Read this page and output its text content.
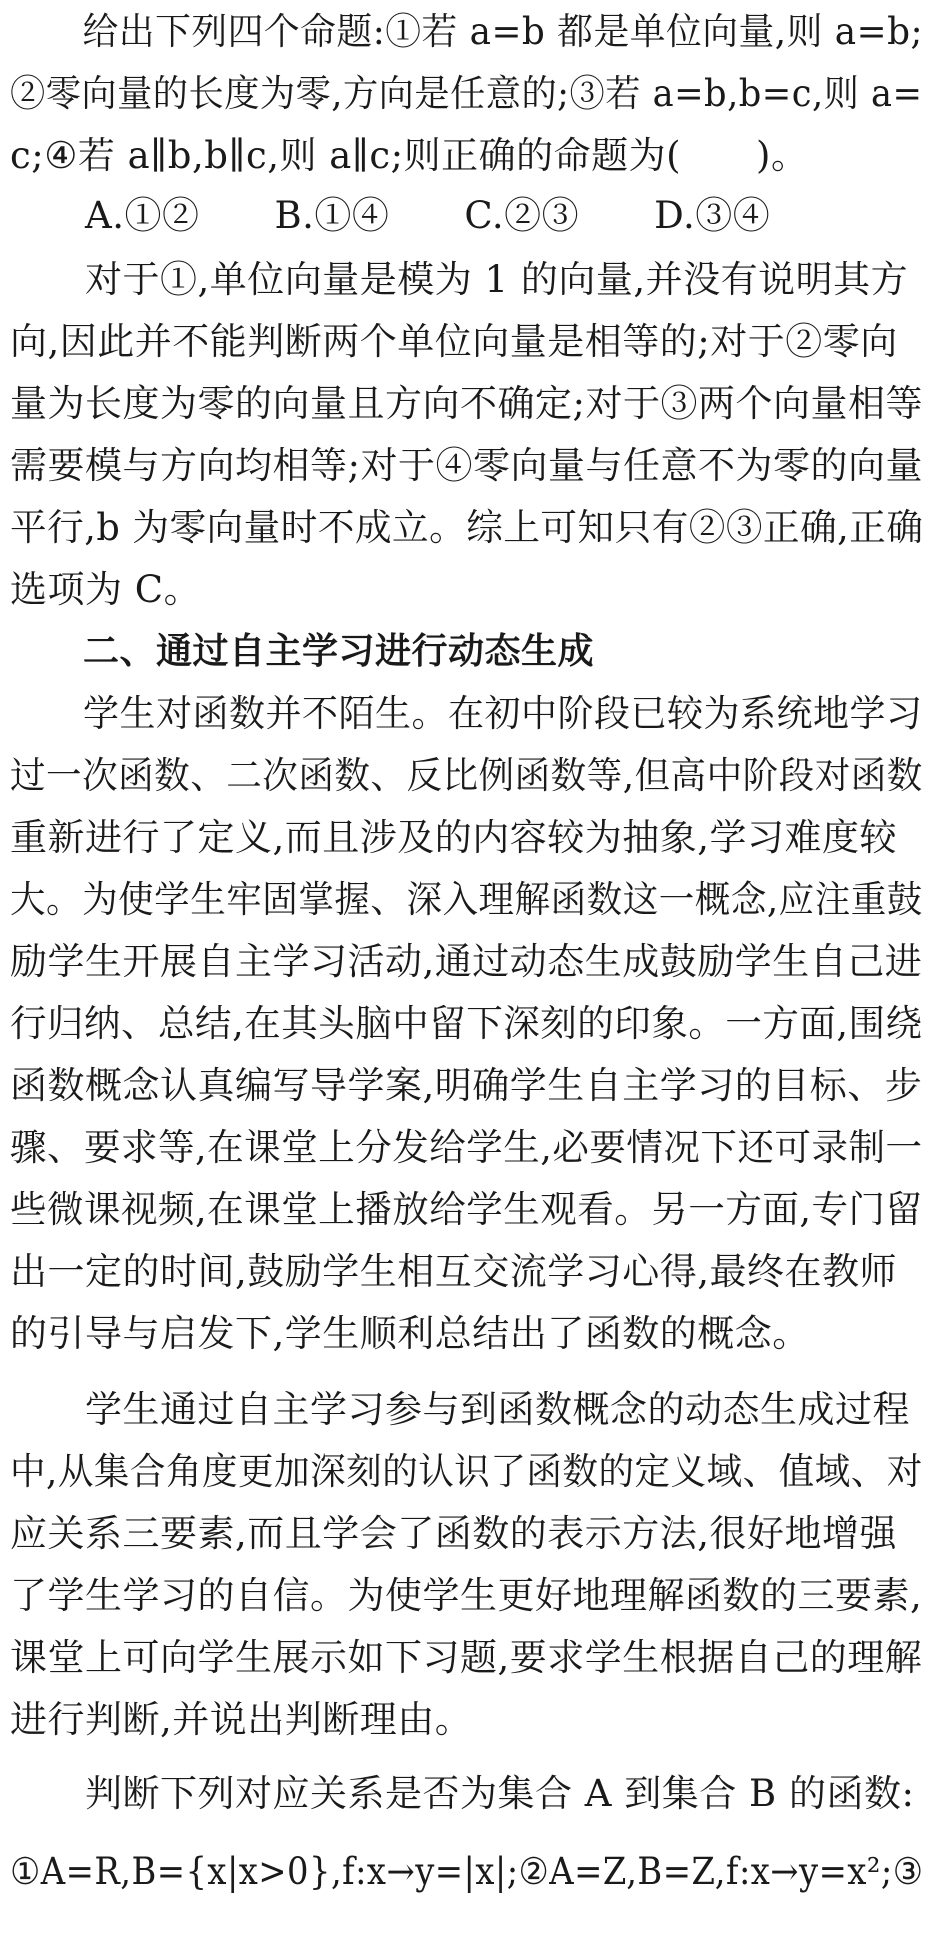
　　给出下列四个命题:①若 a=b 都是单位向量,则 a=b;
②零向量的长度为零,方向是任意的;③若 a=b,b=c,则 a=
c;④若 a∥b,b∥c,则 a∥c;则正确的命题为(　　)。
　　A.①②　　B.①④　　C.②③　　D.③④
　　对于①,单位向量是模为 1 的向量,并没有说明其方
向,因此并不能判断两个单位向量是相等的;对于②零向
量为长度为零的向量且方向不确定;对于③两个向量相等
需要模与方向均相等;对于④零向量与任意不为零的向量
平行,b 为零向量时不成立。综上可知只有②③正确,正确
选项为 C。
　　二、通过自主学习进行动态生成
　　学生对函数并不陌生。在初中阶段已较为系统地学习
过一次函数、二次函数、反比例函数等,但高中阶段对函数
重新进行了定义,而且涉及的内容较为抽象,学习难度较
大。为使学生牢固掌握、深入理解函数这一概念,应注重鼓
励学生开展自主学习活动,通过动态生成鼓励学生自己进
行归纳、总结,在其头脑中留下深刻的印象。一方面,围绕
函数概念认真编写导学案,明确学生自主学习的目标、步
骤、要求等,在课堂上分发给学生,必要情况下还可录制一
些微课视频,在课堂上播放给学生观看。另一方面,专门留
出一定的时间,鼓励学生相互交流学习心得,最终在教师
的引导与启发下,学生顺利总结出了函数的概念。
　　学生通过自主学习参与到函数概念的动态生成过程
中,从集合角度更加深刻的认识了函数的定义域、值域、对
应关系三要素,而且学会了函数的表示方法,很好地增强
了学生学习的自信。为使学生更好地理解函数的三要素,
课堂上可向学生展示如下习题,要求学生根据自己的理解
进行判断,并说出判断理由。
　　判断下列对应关系是否为集合 A 到集合 B 的函数:
①A=R,B={x|x>0},f:x→y=|x|;②A=Z,B=Z,f:x→y=x²;③
